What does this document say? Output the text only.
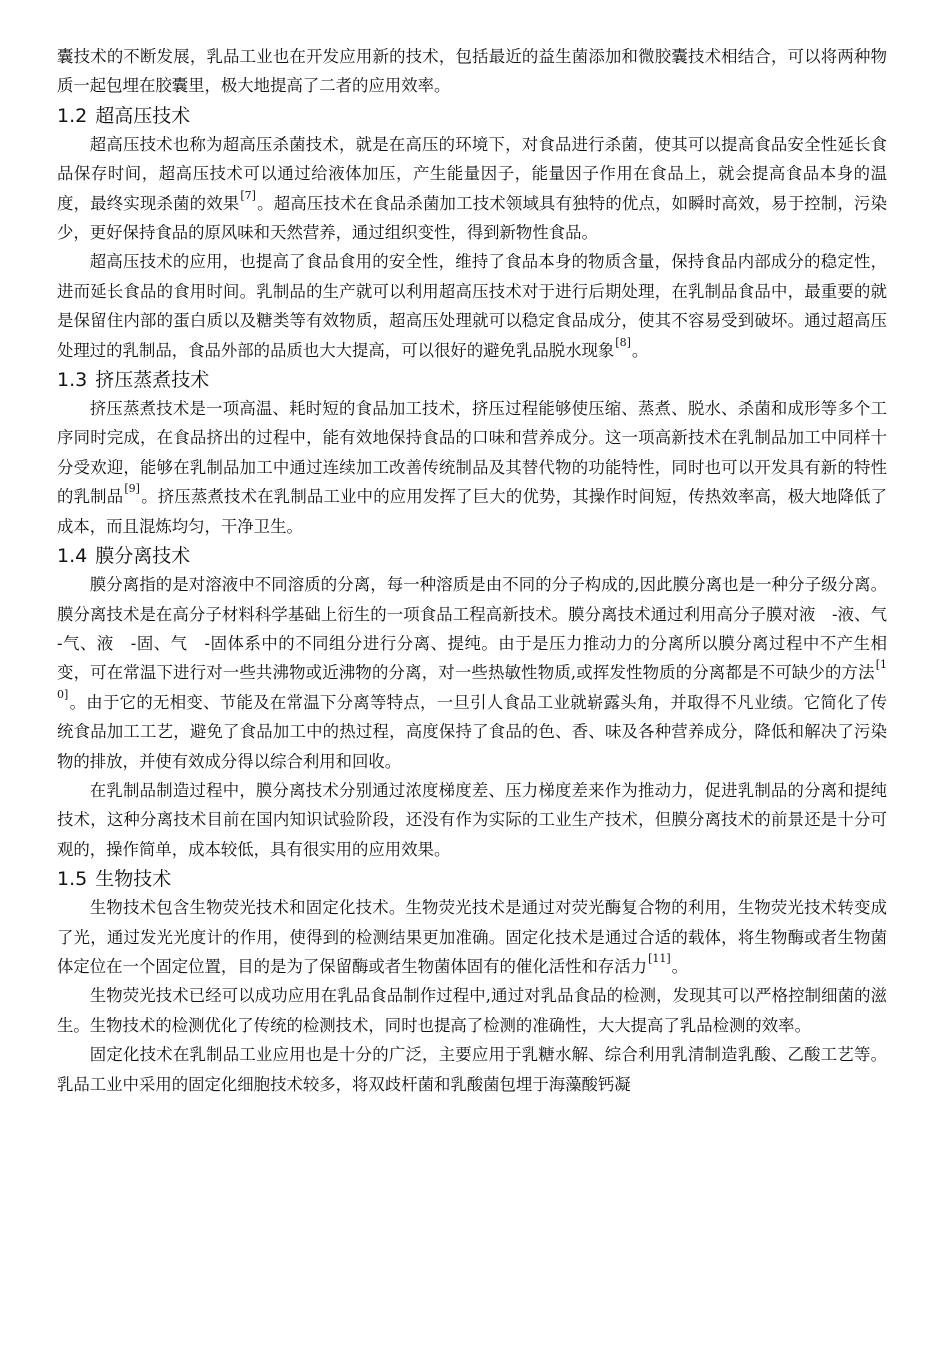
囊技术的不断发展，乳品工业也在开发应用新的技术，包括最近的益生菌添加和微胶囊技术相结合，可以将两种物质一起包埋在胶囊里，极大地提高了二者的应用效率。

1.2 超高压技术

超高压技术也称为超高压杀菌技术，就是在高压的环境下，对食品进行杀菌，使其可以提高食品安全性延长食品保存时间，超高压技术可以通过给液体加压，产生能量因子，能量因子作用在食品上，就会提高食品本身的温度，最终实现杀菌的效果[7]。超高压技术在食品杀菌加工技术领域具有独特的优点，如瞬时高效，易于控制，污染少，更好保持食品的原风味和天然营养，通过组织变性，得到新物性食品。

超高压技术的应用，也提高了食品食用的安全性，维持了食品本身的物质含量，保持食品内部成分的稳定性，进而延长食品的食用时间。乳制品的生产就可以利用超高压技术对于进行后期处理，在乳制品食品中，最重要的就是保留住内部的蛋白质以及糖类等有效物质，超高压处理就可以稳定食品成分，使其不容易受到破坏。通过超高压处理过的乳制品，食品外部的品质也大大提高，可以很好的避免乳品脱水现象[8]。

1.3 挤压蒸煮技术

挤压蒸煮技术是一项高温、耗时短的食品加工技术，挤压过程能够使压缩、蒸煮、脱水、杀菌和成形等多个工序同时完成，在食品挤出的过程中，能有效地保持食品的口味和营养成分。这一项高新技术在乳制品加工中同样十分受欢迎，能够在乳制品加工中通过连续加工改善传统制品及其替代物的功能特性，同时也可以开发具有新的特性的乳制品[9]。挤压蒸煮技术在乳制品工业中的应用发挥了巨大的优势，其操作时间短，传热效率高，极大地降低了成本，而且混炼均匀，干净卫生。

1.4 膜分离技术

膜分离指的是对溶液中不同溶质的分离，每一种溶质是由不同的分子构成的,因此膜分离也是一种分子级分离。膜分离技术是在高分子材料科学基础上衍生的一项食品工程高新技术。膜分离技术通过利用高分子膜对液　-液、气　-气、液　-固、气　-固体系中的不同组分进行分离、提纯。由于是压力推动力的分离所以膜分离过程中不产生相变，可在常温下进行对一些共沸物或近沸物的分离，对一些热敏性物质,或挥发性物质的分离都是不可缺少的方法[10]。由于它的无相变、节能及在常温下分离等特点，一旦引人食品工业就崭露头角，并取得不凡业绩。它简化了传统食品加工工艺，避免了食品加工中的热过程，高度保持了食品的色、香、味及各种营养成分，降低和解决了污染物的排放，并使有效成分得以综合利用和回收。

在乳制品制造过程中，膜分离技术分别通过浓度梯度差、压力梯度差来作为推动力，促进乳制品的分离和提纯技术，这种分离技术目前在国内知识试验阶段，还没有作为实际的工业生产技术，但膜分离技术的前景还是十分可观的，操作简单，成本较低，具有很实用的应用效果。

1.5 生物技术

生物技术包含生物荧光技术和固定化技术。生物荧光技术是通过对荧光酶复合物的利用，生物荧光技术转变成了光，通过发光光度计的作用，使得到的检测结果更加准确。固定化技术是通过合适的载体，将生物酶或者生物菌体定位在一个固定位置，目的是为了保留酶或者生物菌体固有的催化活性和存活力[11]。

生物荧光技术已经可以成功应用在乳品食品制作过程中,通过对乳品食品的检测，发现其可以严格控制细菌的滋生。生物技术的检测优化了传统的检测技术，同时也提高了检测的准确性，大大提高了乳品检测的效率。

固定化技术在乳制品工业应用也是十分的广泛，主要应用于乳糖水解、综合利用乳清制造乳酸、乙酸工艺等。乳品工业中采用的固定化细胞技术较多，将双歧杆菌和乳酸菌包埋于海藻酸钙凝
